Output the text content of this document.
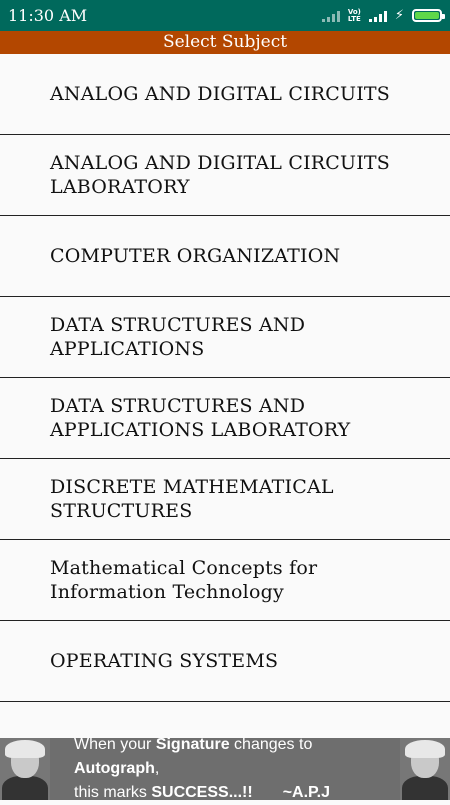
11:30 AM	Vo)
LTE	⚡
Select Subject
ANALOG AND DIGITAL CIRCUITS
ANALOG AND DIGITAL CIRCUITS LABORATORY
COMPUTER ORGANIZATION
DATA STRUCTURES AND APPLICATIONS
DATA STRUCTURES AND APPLICATIONS LABORATORY
DISCRETE MATHEMATICAL STRUCTURES
Mathematical Concepts for Information Technology
OPERATING SYSTEMS
When your Signature changes to Autograph,
this marks SUCCESS...!! ~A.P.J
